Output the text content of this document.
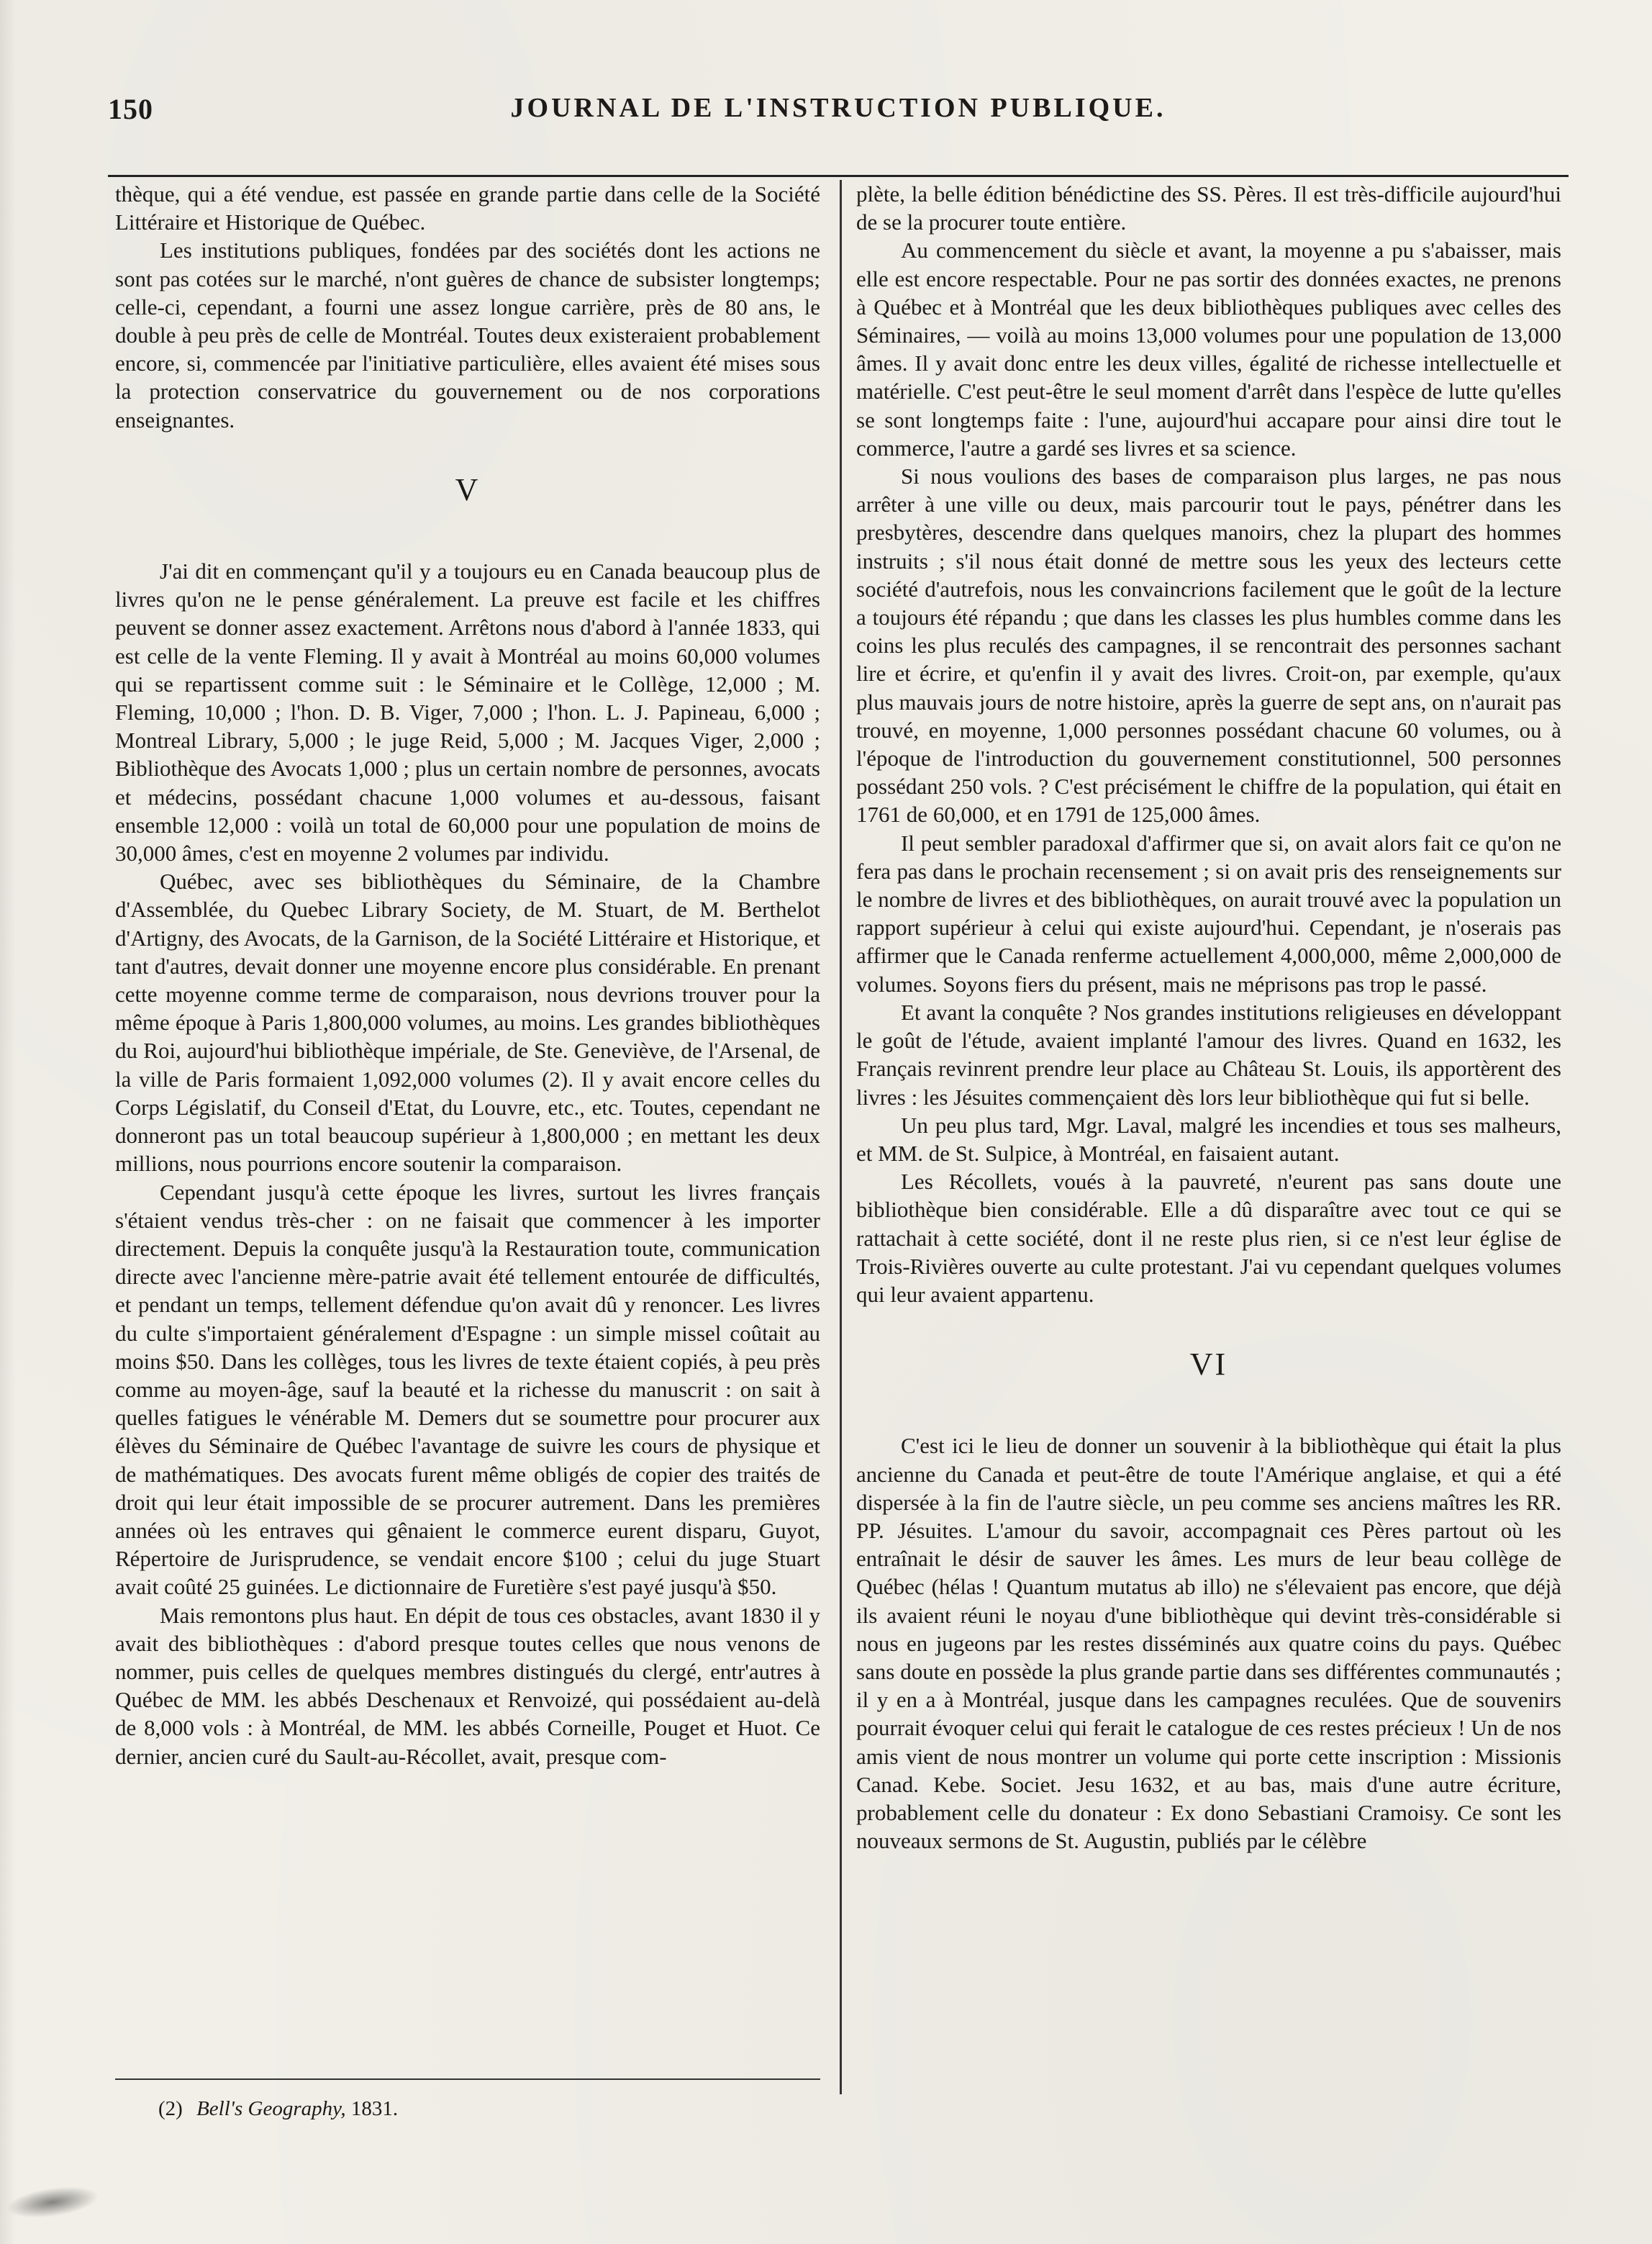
150	JOURNAL DE L'INSTRUCTION PUBLIQUE.

thèque, qui a été vendue, est passée en grande partie dans celle de la Société Littéraire et Historique de Québec.

Les institutions publiques, fondées par des sociétés dont les actions ne sont pas cotées sur le marché, n'ont guères de chance de subsister longtemps; celle-ci, cependant, a fourni une assez longue carrière, près de 80 ans, le double à peu près de celle de Montréal. Toutes deux existeraient probablement encore, si, commencée par l'initiative particulière, elles avaient été mises sous la protection conservatrice du gouvernement ou de nos corporations enseignantes.

V

J'ai dit en commençant qu'il y a toujours eu en Canada beaucoup plus de livres qu'on ne le pense généralement. La preuve est facile et les chiffres peuvent se donner assez exactement. Arrêtons nous d'abord à l'année 1833, qui est celle de la vente Fleming. Il y avait à Montréal au moins 60,000 volumes qui se repartissent comme suit : le Séminaire et le Collège, 12,000 ; M. Fleming, 10,000 ; l'hon. D. B. Viger, 7,000 ; l'hon. L. J. Papineau, 6,000 ; Montreal Library, 5,000 ; le juge Reid, 5,000 ; M. Jacques Viger, 2,000 ; Bibliothèque des Avocats 1,000 ; plus un certain nombre de personnes, avocats et médecins, possédant chacune 1,000 volumes et au-dessous, faisant ensemble 12,000 : voilà un total de 60,000 pour une population de moins de 30,000 âmes, c'est en moyenne 2 volumes par individu.

Québec, avec ses bibliothèques du Séminaire, de la Chambre d'Assemblée, du Quebec Library Society, de M. Stuart, de M. Berthelot d'Artigny, des Avocats, de la Garnison, de la Société Littéraire et Historique, et tant d'autres, devait donner une moyenne encore plus considérable. En prenant cette moyenne comme terme de comparaison, nous devrions trouver pour la même époque à Paris 1,800,000 volumes, au moins. Les grandes bibliothèques du Roi, aujourd'hui bibliothèque impériale, de Ste. Geneviève, de l'Arsenal, de la ville de Paris formaient 1,092,000 volumes (2). Il y avait encore celles du Corps Législatif, du Conseil d'Etat, du Louvre, etc., etc. Toutes, cependant ne donneront pas un total beaucoup supérieur à 1,800,000 ; en mettant les deux millions, nous pourrions encore soutenir la comparaison.

Cependant jusqu'à cette époque les livres, surtout les livres français s'étaient vendus très-cher : on ne faisait que commencer à les importer directement. Depuis la conquête jusqu'à la Restauration toute, communication directe avec l'ancienne mère-patrie avait été tellement entourée de difficultés, et pendant un temps, tellement défendue qu'on avait dû y renoncer. Les livres du culte s'importaient généralement d'Espagne : un simple missel coûtait au moins $50. Dans les collèges, tous les livres de texte étaient copiés, à peu près comme au moyen-âge, sauf la beauté et la richesse du manuscrit : on sait à quelles fatigues le vénérable M. Demers dut se soumettre pour procurer aux élèves du Séminaire de Québec l'avantage de suivre les cours de physique et de mathématiques. Des avocats furent même obligés de copier des traités de droit qui leur était impossible de se procurer autrement. Dans les premières années où les entraves qui gênaient le commerce eurent disparu, Guyot, Répertoire de Jurisprudence, se vendait encore $100 ; celui du juge Stuart avait coûté 25 guinées. Le dictionnaire de Furetière s'est payé jusqu'à $50.

Mais remontons plus haut. En dépit de tous ces obstacles, avant 1830 il y avait des bibliothèques : d'abord presque toutes celles que nous venons de nommer, puis celles de quelques membres distingués du clergé, entr'autres à Québec de MM. les abbés Deschenaux et Renvoizé, qui possédaient au-delà de 8,000 vols : à Montréal, de MM. les abbés Corneille, Pouget et Huot. Ce dernier, ancien curé du Sault-au-Récollet, avait, presque com-

plète, la belle édition bénédictine des SS. Pères. Il est très-difficile aujourd'hui de se la procurer toute entière.

Au commencement du siècle et avant, la moyenne a pu s'abaisser, mais elle est encore respectable. Pour ne pas sortir des données exactes, ne prenons à Québec et à Montréal que les deux bibliothèques publiques avec celles des Séminaires, — voilà au moins 13,000 volumes pour une population de 13,000 âmes. Il y avait donc entre les deux villes, égalité de richesse intellectuelle et matérielle. C'est peut-être le seul moment d'arrêt dans l'espèce de lutte qu'elles se sont longtemps faite : l'une, aujourd'hui accapare pour ainsi dire tout le commerce, l'autre a gardé ses livres et sa science.

Si nous voulions des bases de comparaison plus larges, ne pas nous arrêter à une ville ou deux, mais parcourir tout le pays, pénétrer dans les presbytères, descendre dans quelques manoirs, chez la plupart des hommes instruits ; s'il nous était donné de mettre sous les yeux des lecteurs cette société d'autrefois, nous les convaincrions facilement que le goût de la lecture a toujours été répandu ; que dans les classes les plus humbles comme dans les coins les plus reculés des campagnes, il se rencontrait des personnes sachant lire et écrire, et qu'enfin il y avait des livres. Croit-on, par exemple, qu'aux plus mauvais jours de notre histoire, après la guerre de sept ans, on n'aurait pas trouvé, en moyenne, 1,000 personnes possédant chacune 60 volumes, ou à l'époque de l'introduction du gouvernement constitutionnel, 500 personnes possédant 250 vols. ? C'est précisément le chiffre de la population, qui était en 1761 de 60,000, et en 1791 de 125,000 âmes.

Il peut sembler paradoxal d'affirmer que si, on avait alors fait ce qu'on ne fera pas dans le prochain recensement ; si on avait pris des renseignements sur le nombre de livres et des bibliothèques, on aurait trouvé avec la population un rapport supérieur à celui qui existe aujourd'hui. Cependant, je n'oserais pas affirmer que le Canada renferme actuellement 4,000,000, même 2,000,000 de volumes. Soyons fiers du présent, mais ne méprisons pas trop le passé.

Et avant la conquête ? Nos grandes institutions religieuses en développant le goût de l'étude, avaient implanté l'amour des livres. Quand en 1632, les Français revinrent prendre leur place au Château St. Louis, ils apportèrent des livres : les Jésuites commençaient dès lors leur bibliothèque qui fut si belle.

Un peu plus tard, Mgr. Laval, malgré les incendies et tous ses malheurs, et MM. de St. Sulpice, à Montréal, en faisaient autant.

Les Récollets, voués à la pauvreté, n'eurent pas sans doute une bibliothèque bien considérable. Elle a dû disparaître avec tout ce qui se rattachait à cette société, dont il ne reste plus rien, si ce n'est leur église de Trois-Rivières ouverte au culte protestant. J'ai vu cependant quelques volumes qui leur avaient appartenu.

VI

C'est ici le lieu de donner un souvenir à la bibliothèque qui était la plus ancienne du Canada et peut-être de toute l'Amérique anglaise, et qui a été dispersée à la fin de l'autre siècle, un peu comme ses anciens maîtres les RR. PP. Jésuites. L'amour du savoir, accompagnait ces Pères partout où les entraînait le désir de sauver les âmes. Les murs de leur beau collège de Québec (hélas ! Quantum mutatus ab illo) ne s'élevaient pas encore, que déjà ils avaient réuni le noyau d'une bibliothèque qui devint très-considérable si nous en jugeons par les restes disséminés aux quatre coins du pays. Québec sans doute en possède la plus grande partie dans ses différentes communautés ; il y en a à Montréal, jusque dans les campagnes reculées. Que de souvenirs pourrait évoquer celui qui ferait le catalogue de ces restes précieux ! Un de nos amis vient de nous montrer un volume qui porte cette inscription : Missionis Canad. Kebe. Societ. Jesu 1632, et au bas, mais d'une autre écriture, probablement celle du donateur : Ex dono Sebastiani Cramoisy. Ce sont les nouveaux sermons de St. Augustin, publiés par le célèbre

(2) Bell's Geography, 1831.
